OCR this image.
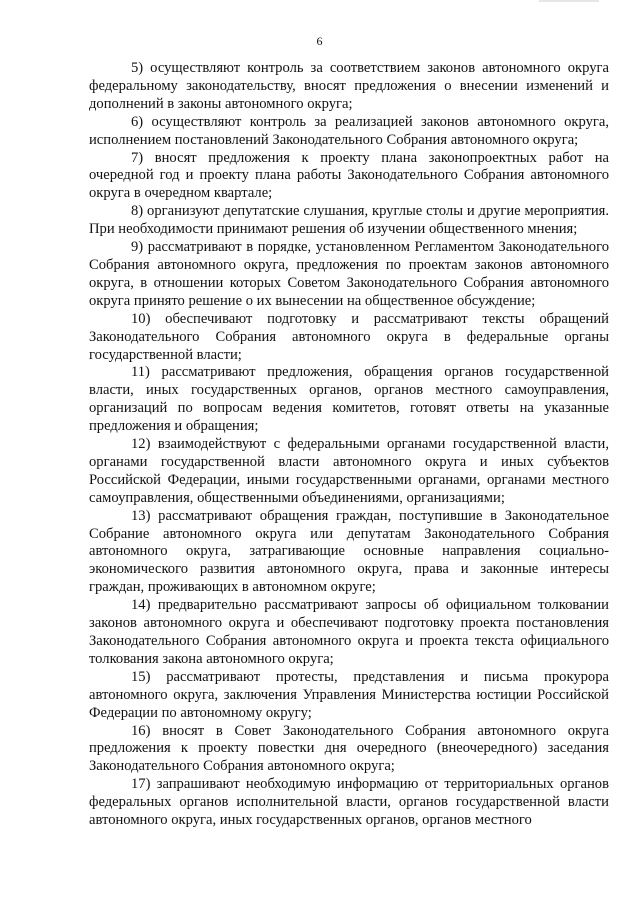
6

5) осуществляют контроль за соответствием законов автономного округа федеральному законодательству, вносят предложения о внесении изменений и дополнений в законы автономного округа;

6) осуществляют контроль за реализацией законов автономного округа, исполнением постановлений Законодательного Собрания автономного округа;

7) вносят предложения к проекту плана законопроектных работ на очередной год и проекту плана работы Законодательного Собрания автономного округа в очередном квартале;

8) организуют депутатские слушания, круглые столы и другие мероприятия. При необходимости принимают решения об изучении общественного мнения;

9) рассматривают в порядке, установленном Регламентом Законодательного Собрания автономного округа, предложения по проектам законов автономного округа, в отношении которых Советом Законодательного Собрания автономного округа принято решение о их вынесении на общественное обсуждение;

10) обеспечивают подготовку и рассматривают тексты обращений Законодательного Собрания автономного округа в федеральные органы государственной власти;

11) рассматривают предложения, обращения органов государственной власти, иных государственных органов, органов местного самоуправления, организаций по вопросам ведения комитетов, готовят ответы на указанные предложения и обращения;

12) взаимодействуют с федеральными органами государственной власти, органами государственной власти автономного округа и иных субъектов Российской Федерации, иными государственными органами, органами местного самоуправления, общественными объединениями, организациями;

13) рассматривают обращения граждан, поступившие в Законодательное Собрание автономного округа или депутатам Законодательного Собрания автономного округа, затрагивающие основные направления социально-экономического развития автономного округа, права и законные интересы граждан, проживающих в автономном округе;

14) предварительно рассматривают запросы об официальном толковании законов автономного округа и обеспечивают подготовку проекта постановления Законодательного Собрания автономного округа и проекта текста официального толкования закона автономного округа;

15) рассматривают протесты, представления и письма прокурора автономного округа, заключения Управления Министерства юстиции Российской Федерации по автономному округу;

16) вносят в Совет Законодательного Собрания автономного округа предложения к проекту повестки дня очередного (внеочередного) заседания Законодательного Собрания автономного округа;

17) запрашивают необходимую информацию от территориальных органов федеральных органов исполнительной власти, органов государственной власти автономного округа, иных государственных органов, органов местного
